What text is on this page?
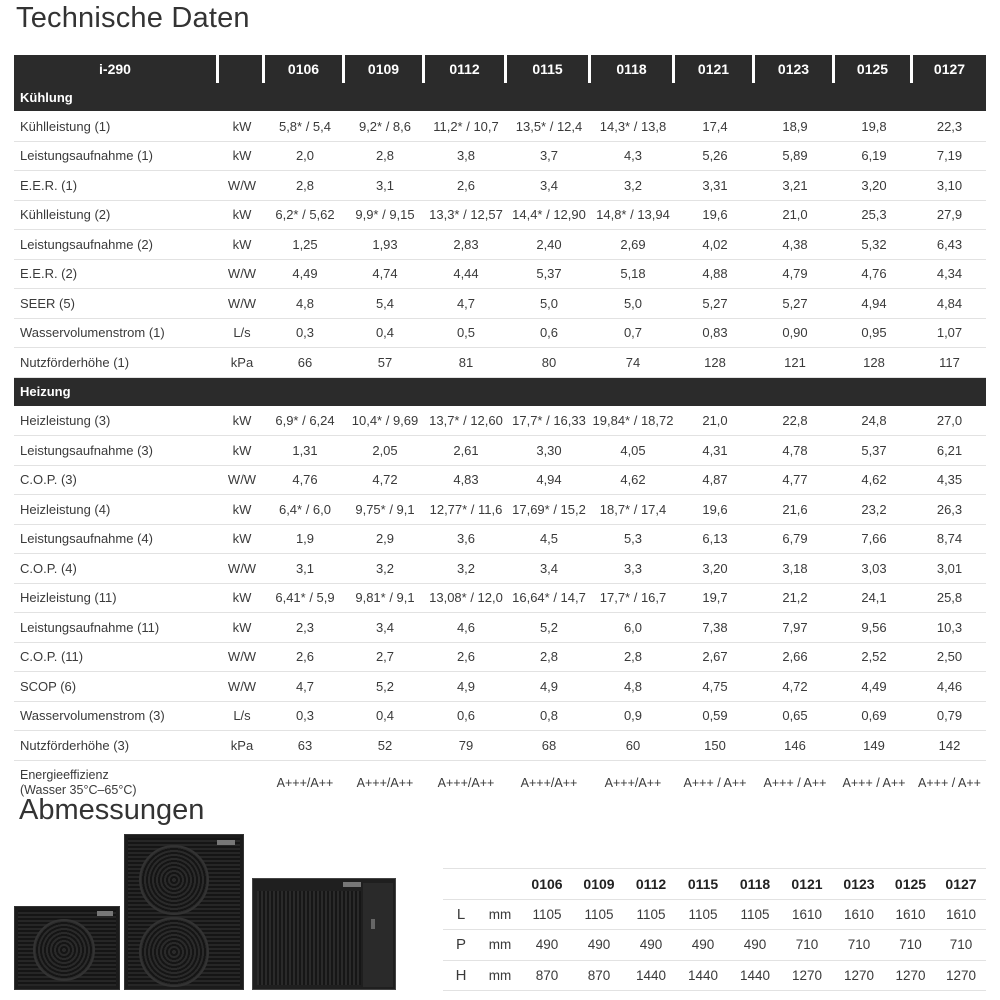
Technische Daten
i-290		0106	0109	0112	0115	0118	0121	0123	0125	0127
Kühlung										
Kühlleistung (1)	kW	5,8* / 5,4	9,2* / 8,6	11,2* / 10,7	13,5* / 12,4	14,3* / 13,8	17,4	18,9	19,8	22,3
Leistungsaufnahme (1)	kW	2,0	2,8	3,8	3,7	4,3	5,26	5,89	6,19	7,19
E.E.R. (1)	W/W	2,8	3,1	2,6	3,4	3,2	3,31	3,21	3,20	3,10
Kühlleistung (2)	kW	6,2* / 5,62	9,9* / 9,15	13,3* / 12,57	14,4* / 12,90	14,8* / 13,94	19,6	21,0	25,3	27,9
Leistungsaufnahme (2)	kW	1,25	1,93	2,83	2,40	2,69	4,02	4,38	5,32	6,43
E.E.R. (2)	W/W	4,49	4,74	4,44	5,37	5,18	4,88	4,79	4,76	4,34
SEER (5)	W/W	4,8	5,4	4,7	5,0	5,0	5,27	5,27	4,94	4,84
Wasservolumenstrom (1)	L/s	0,3	0,4	0,5	0,6	0,7	0,83	0,90	0,95	1,07
Nutzförderhöhe (1)	kPa	66	57	81	80	74	128	121	128	117
Heizung										
Heizleistung (3)	kW	6,9* / 6,24	10,4* / 9,69	13,7* / 12,60	17,7* / 16,33	19,84* / 18,72	21,0	22,8	24,8	27,0
Leistungsaufnahme (3)	kW	1,31	2,05	2,61	3,30	4,05	4,31	4,78	5,37	6,21
C.O.P. (3)	W/W	4,76	4,72	4,83	4,94	4,62	4,87	4,77	4,62	4,35
Heizleistung (4)	kW	6,4* / 6,0	9,75* / 9,1	12,77* / 11,6	17,69* / 15,2	18,7* / 17,4	19,6	21,6	23,2	26,3
Leistungsaufnahme (4)	kW	1,9	2,9	3,6	4,5	5,3	6,13	6,79	7,66	8,74
C.O.P. (4)	W/W	3,1	3,2	3,2	3,4	3,3	3,20	3,18	3,03	3,01
Heizleistung (11)	kW	6,41* / 5,9	9,81* / 9,1	13,08* / 12,0	16,64* / 14,7	17,7* / 16,7	19,7	21,2	24,1	25,8
Leistungsaufnahme (11)	kW	2,3	3,4	4,6	5,2	6,0	7,38	7,97	9,56	10,3
C.O.P. (11)	W/W	2,6	2,7	2,6	2,8	2,8	2,67	2,66	2,52	2,50
SCOP (6)	W/W	4,7	5,2	4,9	4,9	4,8	4,75	4,72	4,49	4,46
Wasservolumenstrom (3)	L/s	0,3	0,4	0,6	0,8	0,9	0,59	0,65	0,69	0,79
Nutzförderhöhe (3)	kPa	63	52	79	68	60	150	146	149	142

Energieeffizienz
(Wasser 35°C–65°C)		A+++/A++	A+++/A++	A+++/A++	A+++/A++	A+++/A++	A+++ / A++	A+++ / A++	A+++ / A++	A+++ / A++
Abmessungen
		0106	0109	0112	0115	0118	0121	0123	0125	0127
L	mm	1105	1105	1105	1105	1105	1610	1610	1610	1610
P	mm	490	490	490	490	490	710	710	710	710
H	mm	870	870	1440	1440	1440	1270	1270	1270	1270
